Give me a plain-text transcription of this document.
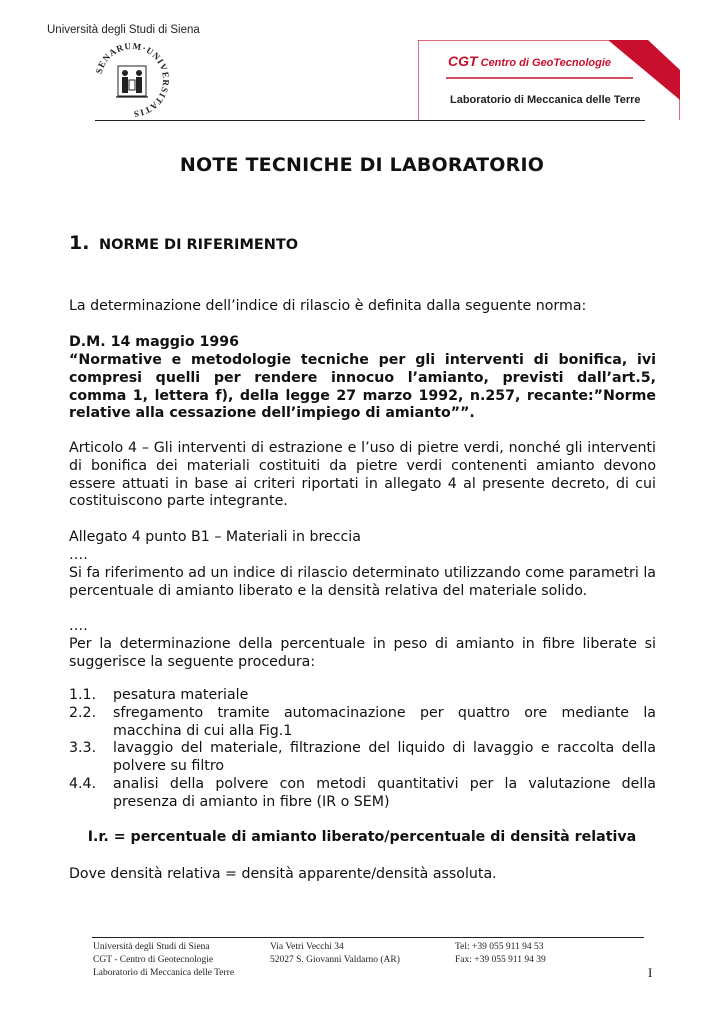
Università degli Studi di Siena
SENARUM·UNIVERSITATIS
CGT Centro di GeoTecnologie
Laboratorio di Meccanica delle Terre
NOTE TECNICHE DI LABORATORIO
1. NORME DI RIFERIMENTO

La determinazione dell’indice di rilascio è definita dalla seguente norma:

D.M. 14 maggio 1996

“Normative e metodologie tecniche per gli interventi di bonifica, ivi compresi quelli per rendere innocuo l’amianto, previsti dall’art.5, comma 1, lettera f), della legge 27 marzo 1992, n.257, recante:”Norme relative alla cessazione dell’impiego di amianto””.

Articolo 4 – Gli interventi di estrazione e l’uso di pietre verdi, nonché gli interventi di bonifica dei materiali costituiti da pietre verdi contenenti amianto devono essere attuati in base ai criteri riportati in allegato 4 al presente decreto, di cui costituiscono parte integrante.

Allegato 4 punto B1 – Materiali in breccia

….

Si fa riferimento ad un indice di rilascio determinato utilizzando come parametri la percentuale di amianto liberato e la densità relativa del materiale solido.

….

Per la determinazione della percentuale in peso di amianto in fibre liberate si suggerisce la seguente procedura:

1.1.	pesatura materiale
2.2.	sfregamento tramite automacinazione per quattro ore mediante la macchina di cui alla Fig.1
3.3.	lavaggio del materiale, filtrazione del liquido di lavaggio e raccolta della polvere su filtro
4.4.	analisi della polvere con metodi quantitativi per la valutazione della presenza di amianto in fibre (IR o SEM)
I.r. = percentuale di amianto liberato/percentuale di densità relativa

Dove densità relativa = densità apparente/densità assoluta.

Università degli Studi di Siena
CGT - Centro di Geotecnologie
Laboratorio di Meccanica delle Terre
Via Vetri Vecchi 34
52027 S. Giovanni Valdarno (AR)
Tel: +39 055 911 94 53
Fax: +39 055 911 94 39
I
